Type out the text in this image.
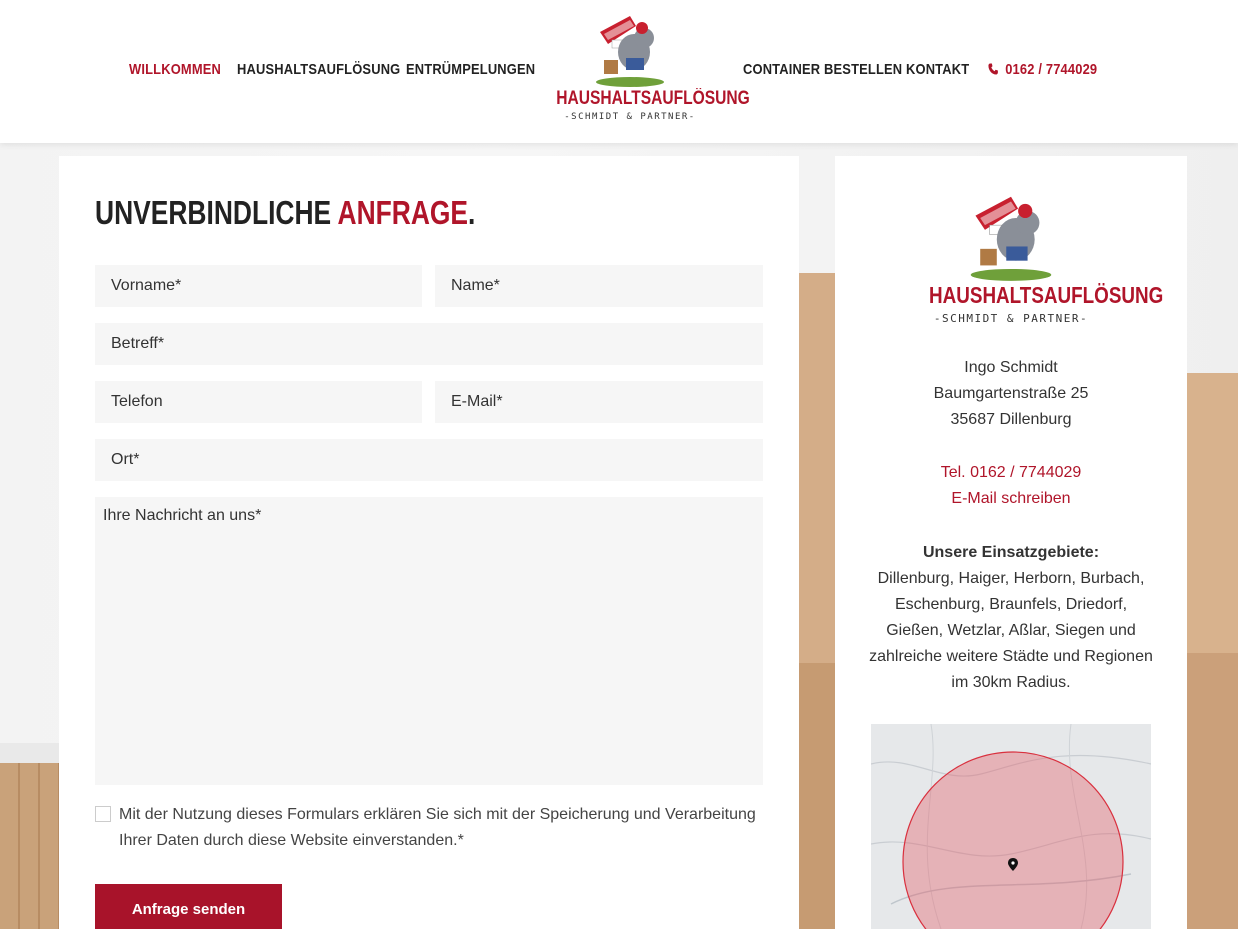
WILLKOMMEN HAUSHALTSAUFLÖSUNG ENTRÜMPELUNGEN
HAUSHALTSAUFLÖSUNG
-SCHMIDT & PARTNER-
CONTAINER BESTELLEN KONTAKT	0162 / 7744029
UNVERBINDLICHE ANFRAGE.
Vorname*
Name*
Betreff*
Telefon
E-Mail*
Ort*
Ihre Nachricht an uns*
Mit der Nutzung dieses Formulars erklären Sie sich mit der Speicherung und Verarbeitung Ihrer Daten durch diese Website einverstanden.*
Anfrage senden
HAUSHALTSAUFLÖSUNG
-SCHMIDT & PARTNER-
Ingo Schmidt
Baumgartenstraße 25
35687 Dillenburg
Tel. 0162 / 7744029
E-Mail schreiben
Unsere Einsatzgebiete:
Dillenburg, Haiger, Herborn, Burbach, Eschenburg, Braunfels, Driedorf, Gießen, Wetzlar, Aßlar, Siegen und zahlreiche weitere Städte und Regionen im 30km Radius.
